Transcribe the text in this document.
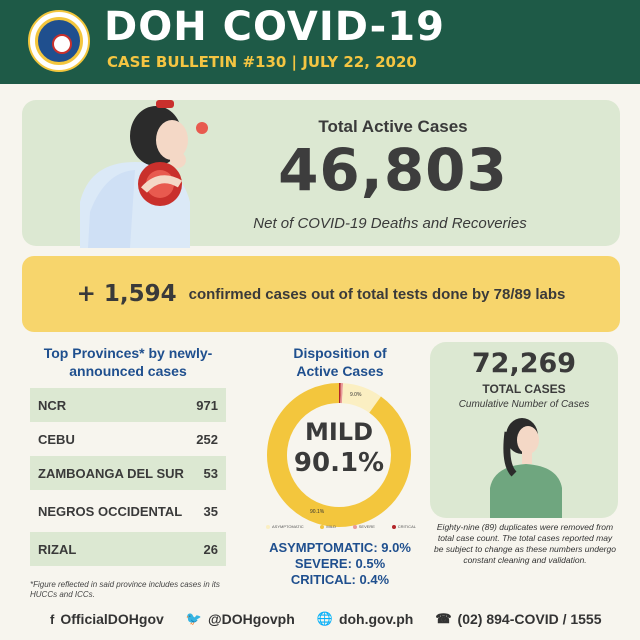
DOH COVID-19
CASE BULLETIN #130 | JULY 22, 2020
Total Active Cases
46,803
Net of COVID-19 Deaths and Recoveries
+ 1,594 confirmed cases out of total tests done by 78/89 labs
Top Provinces* by newly-announced cases
NCR	971
CEBU	252
ZAMBOANGA DEL SUR 53
NEGROS OCCIDENTAL 35
RIZAL	26
*Figure reflected in said province includes cases in its HUCCs and ICCs.
Disposition of Active Cases
9.0%
90.1%
MILD
90.1%
ASYMPTOMATIC	MILD	SEVERE	CRITICAL
ASYMPTOMATIC: 9.0%
SEVERE: 0.5%
CRITICAL: 0.4%
72,269
TOTAL CASES
Cumulative Number of Cases
Eighty-nine (89) duplicates were removed from total case count. The total cases reported may be subject to change as these numbers undergo constant cleaning and validation.
f OfficialDOHgov 🐦 @DOHgovph 🌐 doh.gov.ph ☎ (02) 894-COVID / 1555
